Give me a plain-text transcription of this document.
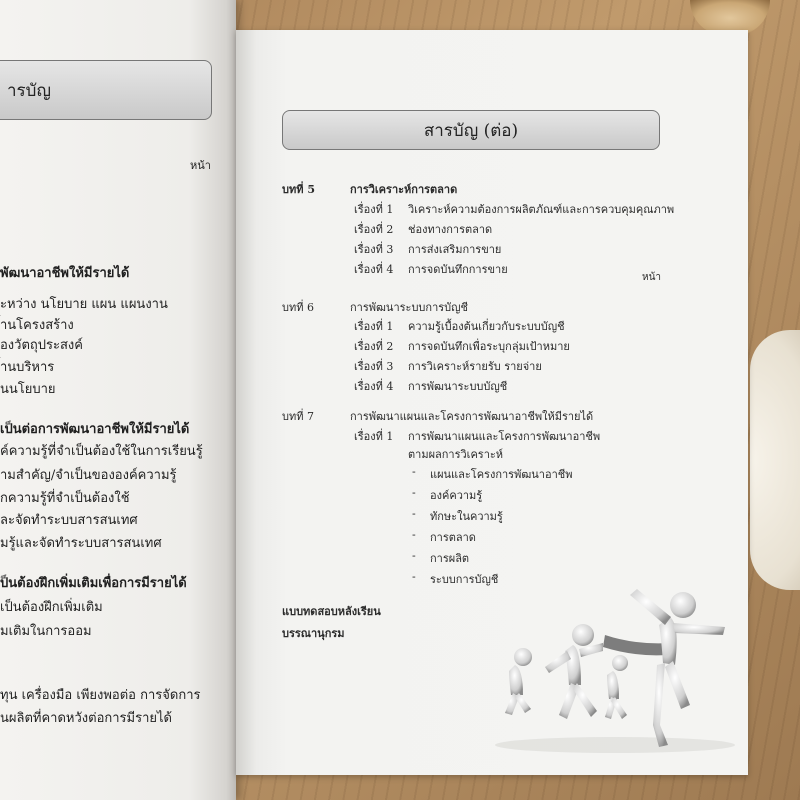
ารบัญ
หน้า
พัฒนาอาชีพให้มีรายได้
ะหว่าง นโยบาย แผน แผนงาน
้านโครงสร้าง
องวัตถุประสงค์
้านบริหาร
นนโยบาย
เป็นต่อการพัฒนาอาชีพให้มีรายได้
ค์ความรู้ที่จำเป็นต้องใช้ในการเรียนรู้
ามสำคัญ/จำเป็นขององค์ความรู้
กความรู้ที่จำเป็นต้องใช้
ละจัดทำระบบสารสนเทศ
มรู้และจัดทำระบบสารสนเทศ
ป็นต้องฝึกเพิ่มเติมเพื่อการมีรายได้
เป็นต้องฝึกเพิ่มเติม
มเติมในการออม
ทุน เครื่องมือ เพียงพอต่อ การจัดการ
นผลิตที่คาดหวังต่อการมีรายได้
สารบัญ (ต่อ)
บทที่ 5	การวิเคราะห์การตลาด
เรื่องที่ 1 วิเคราะห์ความต้องการผลิตภัณฑ์และการควบคุมคุณภาพ
เรื่องที่ 2 ช่องทางการตลาด
เรื่องที่ 3 การส่งเสริมการขาย
เรื่องที่ 4 การจดบันทึกการขาย
หน้า
บทที่ 6	การพัฒนาระบบการบัญชี
เรื่องที่ 1 ความรู้เบื้องต้นเกี่ยวกับระบบบัญชี
เรื่องที่ 2 การจดบันทึกเพื่อระบุกลุ่มเป้าหมาย
เรื่องที่ 3 การวิเคราะห์รายรับ รายจ่าย
เรื่องที่ 4 การพัฒนาระบบบัญชี
บทที่ 7	การพัฒนาแผนและโครงการพัฒนาอาชีพให้มีรายได้
เรื่องที่ 1 การพัฒนาแผนและโครงการพัฒนาอาชีพ
ตามผลการวิเคราะห์
- แผนและโครงการพัฒนาอาชีพ
- องค์ความรู้
- ทักษะในความรู้
- การตลาด
- การผลิต
- ระบบการบัญชี
แบบทดสอบหลังเรียน
บรรณานุกรม
